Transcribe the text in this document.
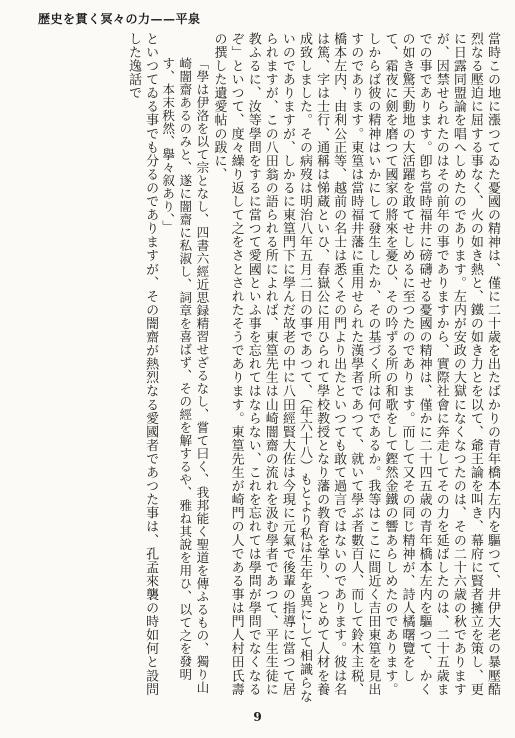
歴史を貫く冥々の力——平泉

當時この地に漲つてゐた憂國の精神は、僅に二十歳を出たばかりの青年橋本左内を驅つて、井伊大老の暴壓酷烈なる壓迫に屈する事なく、火の如き熱と、鐵の如き力とを以て、爺王論を叫き、幕府に賢者擁立を策し、更に日露同盟論を唱へしめたのであります。左内が安政の大獄になくなつたのは、その二十六歳の秋でありますが、因禁せられたのはその前年の事でありますから、實際社會に奔走してその力を延ばしたのは、二十五歳までの事であります。卽ち當時福井に磅礴せる憂國の精神は、僅かに二十四五歳の青年橋本左内を驅つて、かくの如き驚天動地の大活躍を敢てせしめるに至つたのであります。而して又その同じ精神が、詩人橘曙覽をして、霜夜に劍を磨つて國家の將來を憂ひ、その吟ずる所の和歌をして鏗然金鐵の響あらしめたのであります。

しからば彼の精神はいかにして發生したか、その基づく所は何であるか。我等はここに間近く吉田東篁を見出すのであります。東篁は當時福井藩に重用せられた漢學者であつて、就いて學ぶ者數百人、而して鈴木主税、橋本左内、由利公正等、越前の名士は悉くその門より出たといつても敢て過言ではないのであります。彼は名は篤、字は士行、通稱は悌蔵といひ、春嶽公に用ひられて學校教授となり藩の教育を掌り、つとめて人材を養成致しました。その病歿は明治八年五月二日の事であつて、（年六十八）もとより私は生年を異にして相識らないのでありますが、しかるに東篁門下に學んだ故老の中に八田經賢大佐は今現に元氣で後輩の指導に當つて居られますが、この八田翁の語られる所によれば、東篁先生は山崎闇齋の流れを汲む學者であつて、平生生徒に教ふるに、汝等學問をするに當つて愛國といふ事を忘れてはならない、これを忘れては學問が學問でなくなるぞ」といつて、度々繰り返して之をさとされたそうであります。東篁先生が崎門の人である事は門人村田氏壽の撰した遺愛帖の跋に、

「學は伊洛を以て宗となし、四書六經近思録精習せざるなし、嘗て曰く、我邦能く聖道を傳ふるもの、獨り山崎闇齋あるのみと、遂に闇齋に私淑し、詞章を喜ばず、その經を解するや、雅ね其說を用ひ、以て之を發明す、本末秩然、擧々叙あり、」

といつてゐる事でも分るのでありますが、その闇齋が熱烈なる愛國者であつた事は、孔孟來襲の時如何と設問した逸話で

9
